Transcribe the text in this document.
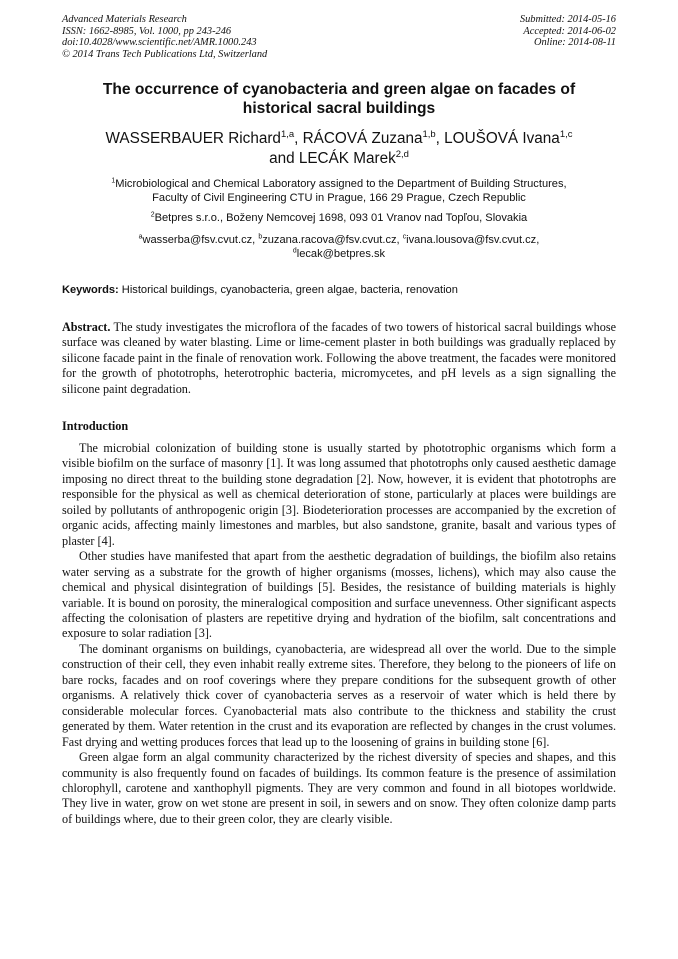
Advanced Materials Research
ISSN: 1662-8985, Vol. 1000, pp 243-246
doi:10.4028/www.scientific.net/AMR.1000.243
© 2014 Trans Tech Publications Ltd, Switzerland
Submitted: 2014-05-16
Accepted: 2014-06-02
Online: 2014-08-11
The occurrence of cyanobacteria and green algae on facades of
historical sacral buildings
WASSERBAUER Richard$^{1,a}$, RÁCOVÁ Zuzana$^{1,b}$, LOUŠOVÁ Ivana$^{1,c}$
and LECÁK Marek$^{2,d}$
$^1$Microbiological and Chemical Laboratory assigned to the Department of Building Structures,
Faculty of Civil Engineering CTU in Prague, 166 29 Prague, Czech Republic
$^2$Betpres s.r.o., Boženy Nemcovej 1698, 093 01 Vranov nad Topľou, Slovakia
$^a$wasserba@fsv.cvut.cz, $^b$zuzana.racova@fsv.cvut.cz, $^c$ivana.lousova@fsv.cvut.cz,
$^d$lecak@betpres.sk
Keywords: Historical buildings, cyanobacteria, green algae, bacteria, renovation
Abstract. The study investigates the microflora of the facades of two towers of historical sacral buildings whose surface was cleaned by water blasting. Lime or lime-cement plaster in both buildings was gradually replaced by silicone facade paint in the finale of renovation work. Following the above treatment, the facades were monitored for the growth of phototrophs, heterotrophic bacteria, micromycetes, and pH levels as a sign signalling the silicone paint degradation.
Introduction

The microbial colonization of building stone is usually started by phototrophic organisms which form a visible biofilm on the surface of masonry [1]. It was long assumed that phototrophs only caused aesthetic damage imposing no direct threat to the building stone degradation [2]. Now, however, it is evident that phototrophs are responsible for the physical as well as chemical deterioration of stone, particularly at places were buildings are soiled by pollutants of anthropogenic origin [3]. Biodeterioration processes are accompanied by the excretion of organic acids, affecting mainly limestones and marbles, but also sandstone, granite, basalt and various types of plaster [4].

Other studies have manifested that apart from the aesthetic degradation of buildings, the biofilm also retains water serving as a substrate for the growth of higher organisms (mosses, lichens), which may also cause the chemical and physical disintegration of buildings [5]. Besides, the resistance of building materials is highly variable. It is bound on porosity, the mineralogical composition and surface unevenness. Other significant aspects affecting the colonisation of plasters are repetitive drying and hydration of the biofilm, salt concentrations and exposure to solar radiation [3].

The dominant organisms on buildings, cyanobacteria, are widespread all over the world. Due to the simple construction of their cell, they even inhabit really extreme sites. Therefore, they belong to the pioneers of life on bare rocks, facades and on roof coverings where they prepare conditions for the subsequent growth of other organisms. A relatively thick cover of cyanobacteria serves as a reservoir of water which is held there by considerable molecular forces. Cyanobacterial mats also contribute to the thickness and stability the crust generated by them. Water retention in the crust and its evaporation are reflected by changes in the crust volumes. Fast drying and wetting produces forces that lead up to the loosening of grains in building stone [6].

Green algae form an algal community characterized by the richest diversity of species and shapes, and this community is also frequently found on facades of buildings. Its common feature is the presence of assimilation chlorophyll, carotene and xanthophyll pigments. They are very common and found in all biotopes worldwide. They live in water, grow on wet stone are present in soil, in sewers and on snow. They often colonize damp parts of buildings where, due to their green color, they are clearly visible.
